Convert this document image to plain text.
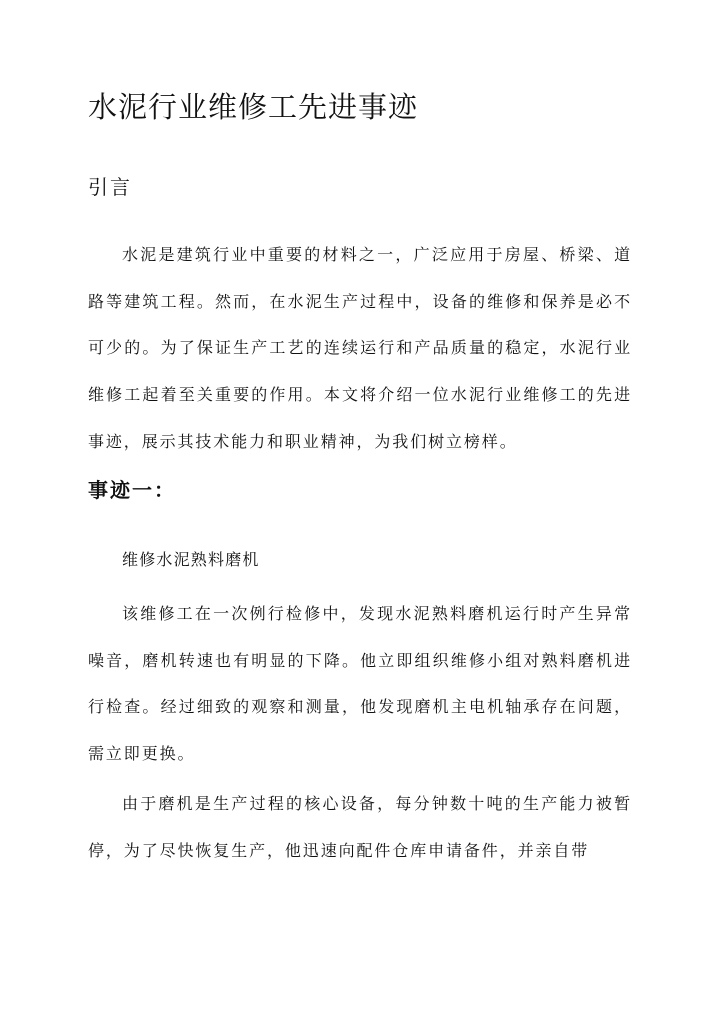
水泥行业维修工先进事迹
引言

水泥是建筑行业中重要的材料之一，广泛应用于房屋、桥梁、道路等建筑工程。然而，在水泥生产过程中，设备的维修和保养是必不可少的。为了保证生产工艺的连续运行和产品质量的稳定，水泥行业维修工起着至关重要的作用。本文将介绍一位水泥行业维修工的先进事迹，展示其技术能力和职业精神，为我们树立榜样。

事迹一：

维修水泥熟料磨机

该维修工在一次例行检修中，发现水泥熟料磨机运行时产生异常噪音，磨机转速也有明显的下降。他立即组织维修小组对熟料磨机进行检查。经过细致的观察和测量，他发现磨机主电机轴承存在问题，需立即更换。

由于磨机是生产过程的核心设备，每分钟数十吨的生产能力被暂停，为了尽快恢复生产，他迅速向配件仓库申请备件，并亲自带
